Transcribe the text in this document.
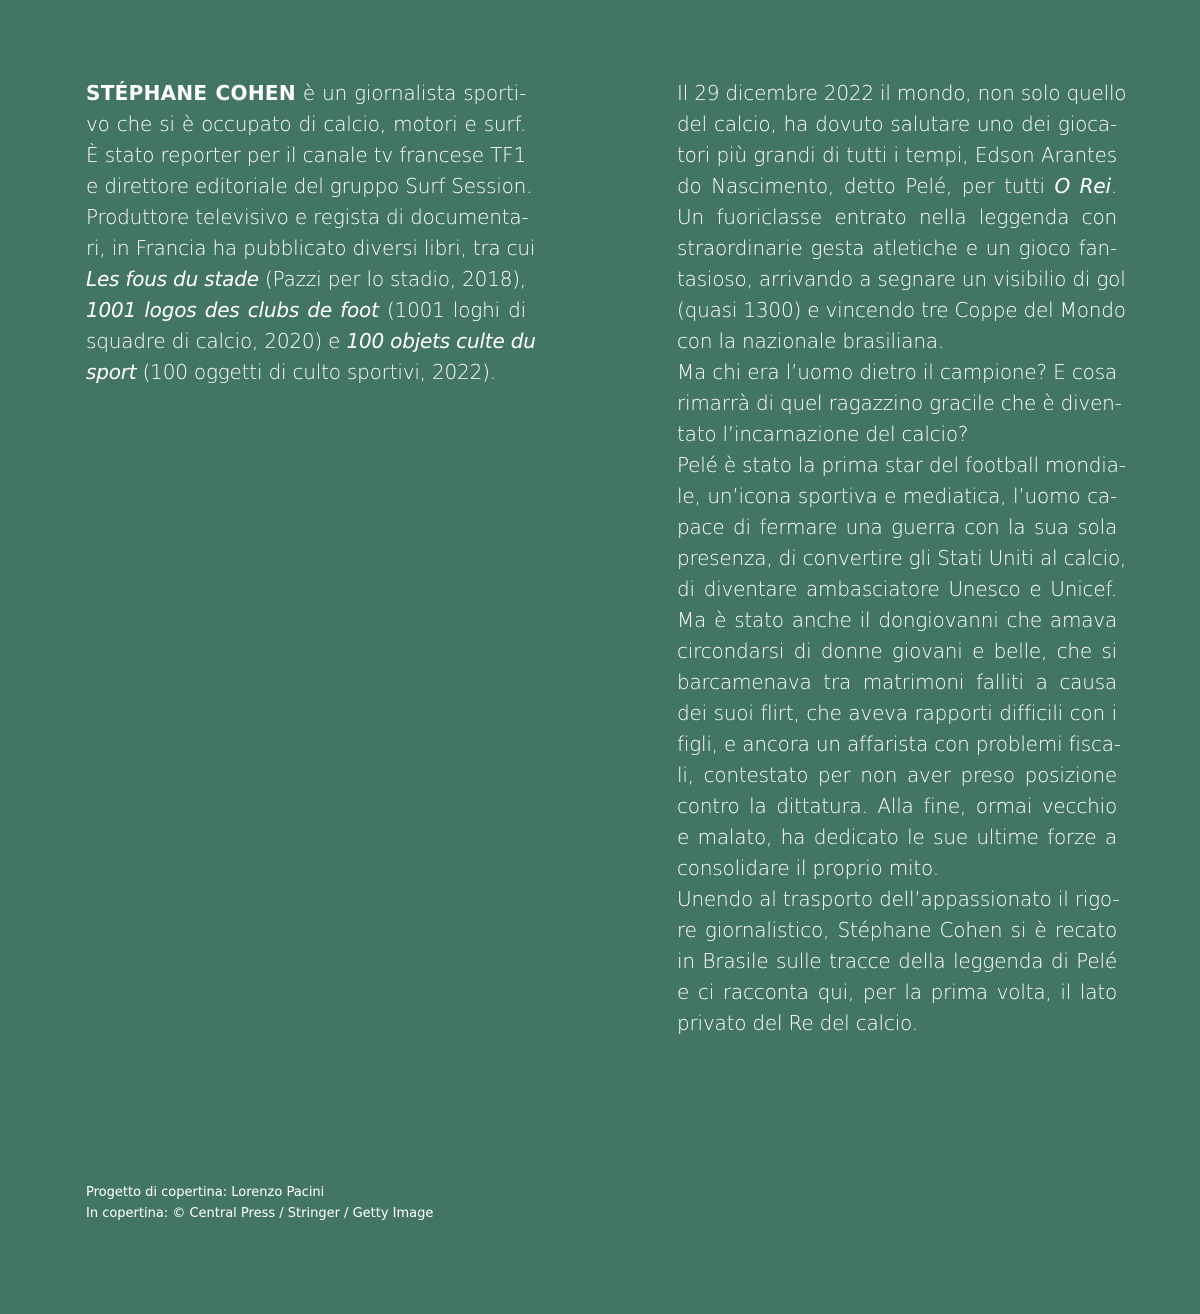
STÉPHANE COHEN è un giornalista sporti-
vo che si è occupato di calcio, motori e surf.
È stato reporter per il canale tv francese TF1
e direttore editoriale del gruppo Surf Session.
Produttore televisivo e regista di documenta-
ri, in Francia ha pubblicato diversi libri, tra cui
Les fous du stade (Pazzi per lo stadio, 2018),
1001 logos des clubs de foot (1001 loghi di
squadre di calcio, 2020) e 100 objets culte du
sport (100 oggetti di culto sportivi, 2022).
Il 29 dicembre 2022 il mondo, non solo quello
del calcio, ha dovuto salutare uno dei gioca-
tori più grandi di tutti i tempi, Edson Arantes
do Nascimento, detto Pelé, per tutti O Rei.
Un fuoriclasse entrato nella leggenda con
straordinarie gesta atletiche e un gioco fan-
tasioso, arrivando a segnare un visibilio di gol
(quasi 1300) e vincendo tre Coppe del Mondo
con la nazionale brasiliana.
Ma chi era l’uomo dietro il campione? E cosa
rimarrà di quel ragazzino gracile che è diven-
tato l’incarnazione del calcio?
Pelé è stato la prima star del football mondia-
le, un’icona sportiva e mediatica, l’uomo ca-
pace di fermare una guerra con la sua sola
presenza, di convertire gli Stati Uniti al calcio,
di diventare ambasciatore Unesco e Unicef.
Ma è stato anche il dongiovanni che amava
circondarsi di donne giovani e belle, che si
barcamenava tra matrimoni falliti a causa
dei suoi flirt, che aveva rapporti difficili con i
figli, e ancora un affarista con problemi fisca-
li, contestato per non aver preso posizione
contro la dittatura. Alla fine, ormai vecchio
e malato, ha dedicato le sue ultime forze a
consolidare il proprio mito.
Unendo al trasporto dell’appassionato il rigo-
re giornalistico, Stéphane Cohen si è recato
in Brasile sulle tracce della leggenda di Pelé
e ci racconta qui, per la prima volta, il lato
privato del Re del calcio.
Progetto di copertina: Lorenzo Pacini
In copertina: © Central Press / Stringer / Getty Image
